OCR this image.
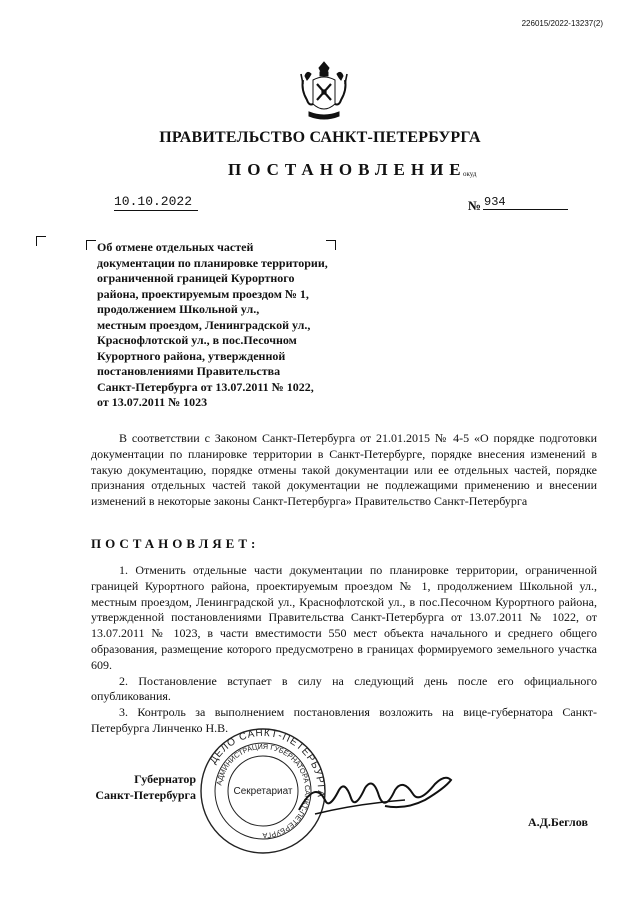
226015/2022-13237(2)
ПРАВИТЕЛЬСТВО САНКТ-ПЕТЕРБУРГА
ПОСТАНОВЛЕНИЕ
окуд
10.10.2022	№ 934
Об отмене отдельных частей
документации по планировке территории,
ограниченной границей Курортного
района, проектируемым проездом № 1,
продолжением Школьной ул.,
местным проездом, Ленинградской ул.,
Краснофлотской ул., в пос.Песочном
Курортного района, утвержденной
постановлениями Правительства
Санкт-Петербурга от 13.07.2011 № 1022,
от 13.07.2011 № 1023
В соответствии с Законом Санкт-Петербурга от 21.01.2015 № 4-5 «О порядке подготовки документации по планировке территории в Санкт-Петербурге, порядке внесения изменений в такую документацию, порядке отмены такой документации или ее отдельных частей, порядке признания отдельных частей такой документации не подлежащими применению и внесении изменений в некоторые законы Санкт-Петербурга» Правительство Санкт-Петербурга
ПОСТАНОВЛЯЕТ:

1. Отменить отдельные части документации по планировке территории, ограниченной границей Курортного района, проектируемым проездом № 1, продолжением Школьной ул., местным проездом, Ленинградской ул., Краснофлотской ул., в пос.Песочном Курортного района, утвержденной постановлениями Правительства Санкт-Петербурга от 13.07.2011 № 1022, от 13.07.2011 № 1023, в части вместимости 550 мест объекта начального и среднего общего образования, размещение которого предусмотрено в границах формируемого земельного участка 609.

2. Постановление вступает в силу на следующий день после его официального опубликования.

3. Контроль за выполнением постановления возложить на вице-губернатора Санкт-Петербурга Линченко Н.В.

Губернатор
Санкт-Петербурга
ДЕЛО САНКТ-ПЕТЕРБУРГА
АДМИНИСТРАЦИЯ ГУБЕРНАТОРА САНКТ-ПЕТЕРБУРГА
Секретариат
А.Д.Беглов
